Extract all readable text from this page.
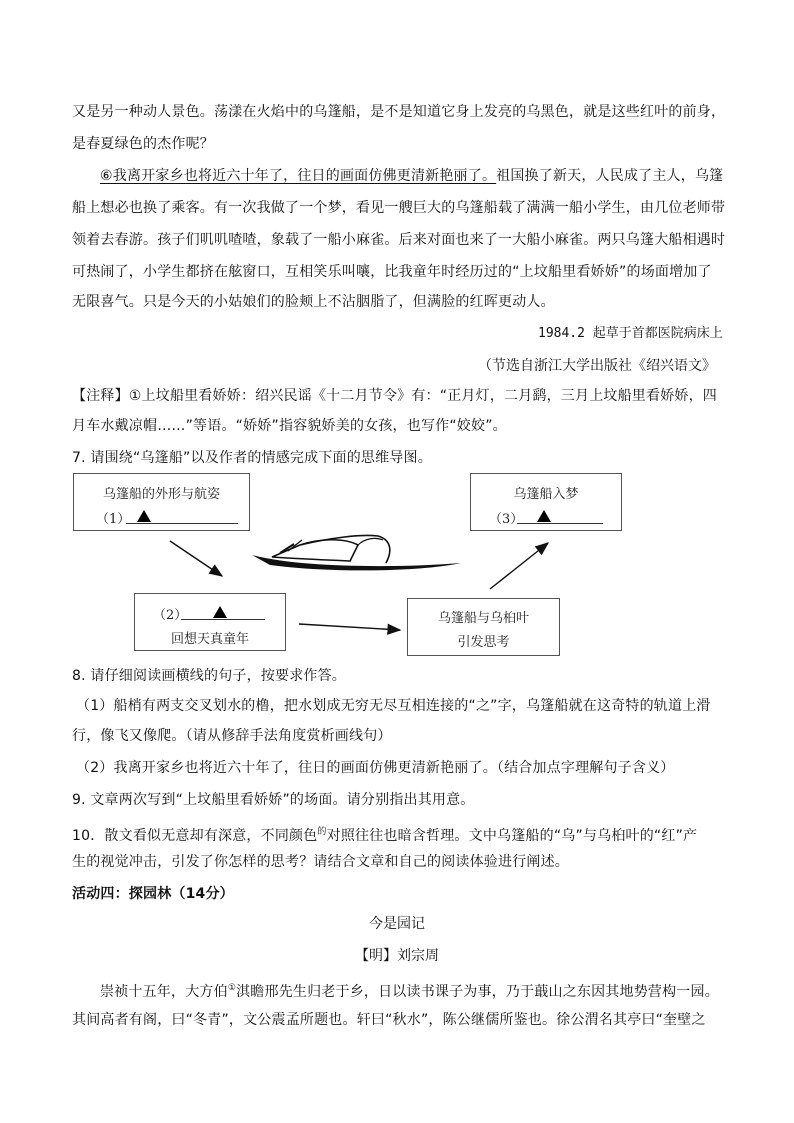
又是另一种动人景色。荡漾在火焰中的乌篷船，是不是知道它身上发亮的乌黑色，就是这些红叶的前身，
是春夏绿色的杰作呢？
⑥我离开家乡也将近六十年了，往日的画面仿佛更清新艳丽了。祖国换了新天，人民成了主人，乌篷
船上想必也换了乘客。有一次我做了一个梦，看见一艘巨大的乌篷船载了满满一船小学生，由几位老师带
领着去春游。孩子们叽叽喳喳，象载了一船小麻雀。后来对面也来了一大船小麻雀。两只乌篷大船相遇时
可热闹了，小学生都挤在舷窗口，互相笑乐叫嚷，比我童年时经历过的“上坟船里看娇娇”的场面增加了
无限喜气。只是今天的小姑娘们的脸颊上不沾胭脂了，但满脸的红晖更动人。
1984.2 起草于首都医院病床上
（节选自浙江大学出版社《绍兴语文》
【注释】①上坟船里看娇娇：绍兴民谣《十二月节令》有：“正月灯，二月鹞，三月上坟船里看娇娇，四
月车水戴凉帽……”等语。“娇娇”指容貌娇美的女孩，也写作“姣姣”。
7. 请围绕“乌篷船”以及作者的情感完成下面的思维导图。
乌篷船的外形与航姿
（1）
乌篷船入梦
（3）
（2）
回想天真童年
乌篷船与乌桕叶
引发思考
8. 请仔细阅读画横线的句子，按要求作答。
（1）船梢有两支交叉划水的橹，把水划成无穷无尽互相连接的“之”字，乌篷船就在这奇特的轨道上滑
行，像飞又像爬。（请从修辞手法角度赏析画线句）
（2）我离开家乡也将近六十年了，往日的画面仿佛更清新艳丽了。（结合加点字理解句子含义）
9. 文章两次写到“上坟船里看娇娇”的场面。请分别指出其用意。
10．散文看似无意却有深意，不同颜色$^的$对照往往也暗含哲理。文中乌篷船的“乌”与乌桕叶的“红”产
生的视觉冲击，引发了你怎样的思考？请结合文章和自己的阅读体验进行阐述。
活动四：探园林（14分）
今是园记
【明】刘宗周
崇祯十五年，大方伯①淇瞻邢先生归老于乡，日以读书课子为事，乃于蕺山之东因其地势营构一园。
其间高者有阁，曰“冬青”，文公震孟所题也。轩曰“秋水”，陈公继儒所鉴也。徐公渭名其亭曰“奎壁之
